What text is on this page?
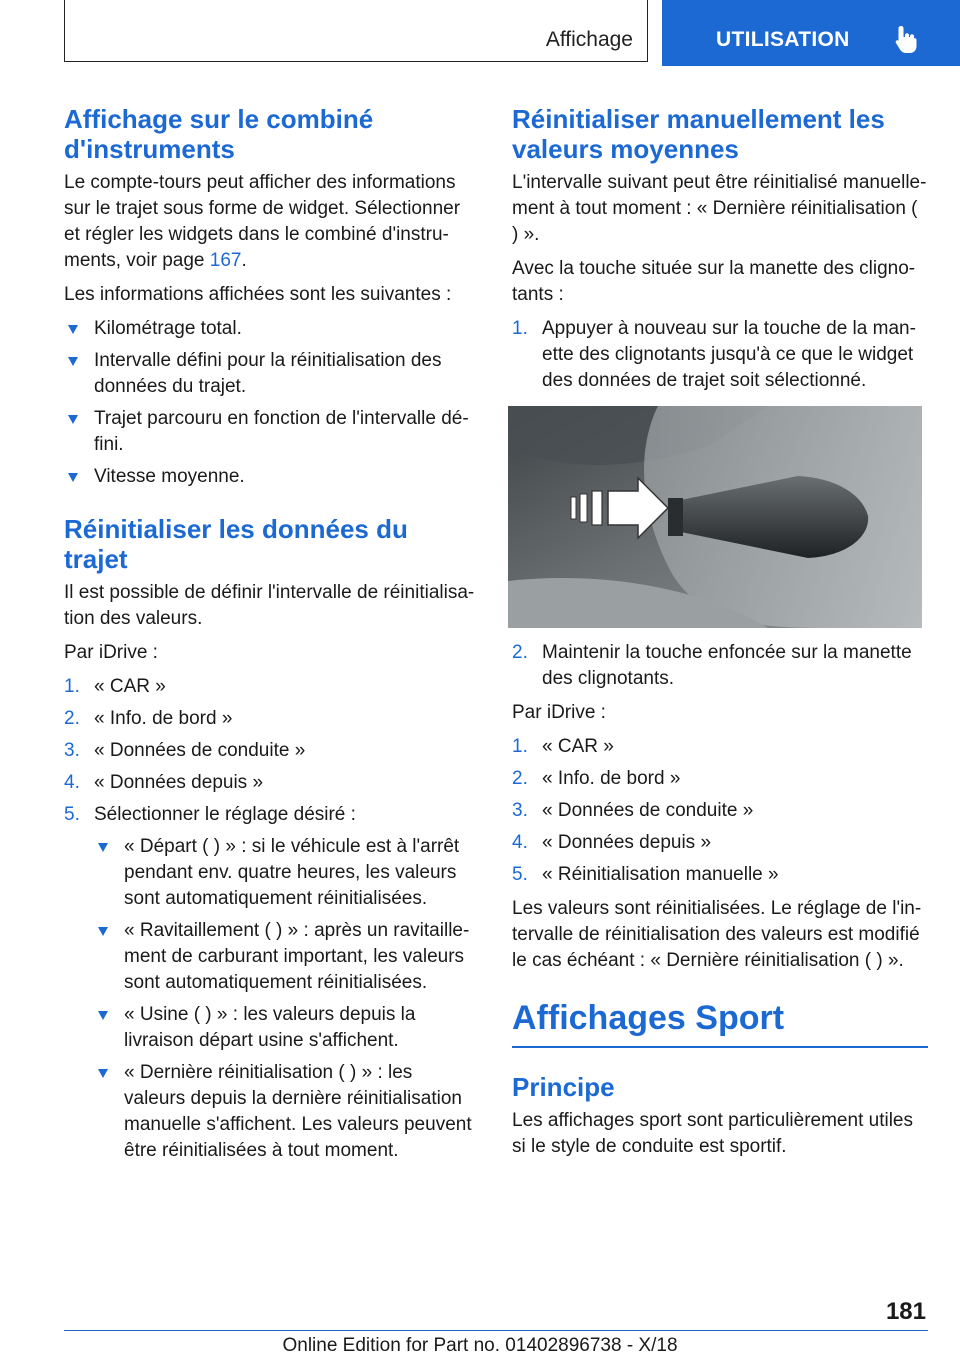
Affichage	UTILISATION
Affichage sur le combiné d'instruments

Le compte-tours peut afficher des informations sur le trajet sous forme de widget. Sélectionner et régler les widgets dans le combiné d'instruments, voir page 167.

Les informations affichées sont les suivantes :

Kilométrage total.
Intervalle défini pour la réinitialisation des données du trajet.
Trajet parcouru en fonction de l'intervalle défini.
Vitesse moyenne.
Réinitialiser les données du trajet

Il est possible de définir l'intervalle de réinitialisation des valeurs.

Par iDrive :

1. « CAR »
2. « Info. de bord »
3. « Données de conduite »
4. « Données depuis »
5. Sélectionner le réglage désiré :
« Départ ( ) » : si le véhicule est à l'arrêt pendant env. quatre heures, les valeurs sont automatiquement réinitialisées.
« Ravitaillement ( ) » : après un ravitaillement de carburant important, les valeurs sont automatiquement réinitialisées.
« Usine ( ) » : les valeurs depuis la livraison départ usine s'affichent.
« Dernière réinitialisation ( ) » : les valeurs depuis la dernière réinitialisation manuelle s'affichent. Les valeurs peuvent être réinitialisées à tout moment.
Réinitialiser manuellement les valeurs moyennes

L'intervalle suivant peut être réinitialisé manuellement à tout moment : « Dernière réinitialisation ( ) ».

Avec la touche située sur la manette des clignotants :

1. Appuyer à nouveau sur la touche de la manette des clignotants jusqu'à ce que le widget des données de trajet soit sélectionné.
2. Maintenir la touche enfoncée sur la manette des clignotants.

Par iDrive :

1. « CAR »
2. « Info. de bord »
3. « Données de conduite »
4. « Données depuis »
5. « Réinitialisation manuelle »

Les valeurs sont réinitialisées. Le réglage de l'intervalle de réinitialisation des valeurs est modifié le cas échéant : « Dernière réinitialisation ( ) ».

Affichages Sport
Principe

Les affichages sport sont particulièrement utiles si le style de conduite est sportif.

181
Online Edition for Part no. 01402896738 - X/18
